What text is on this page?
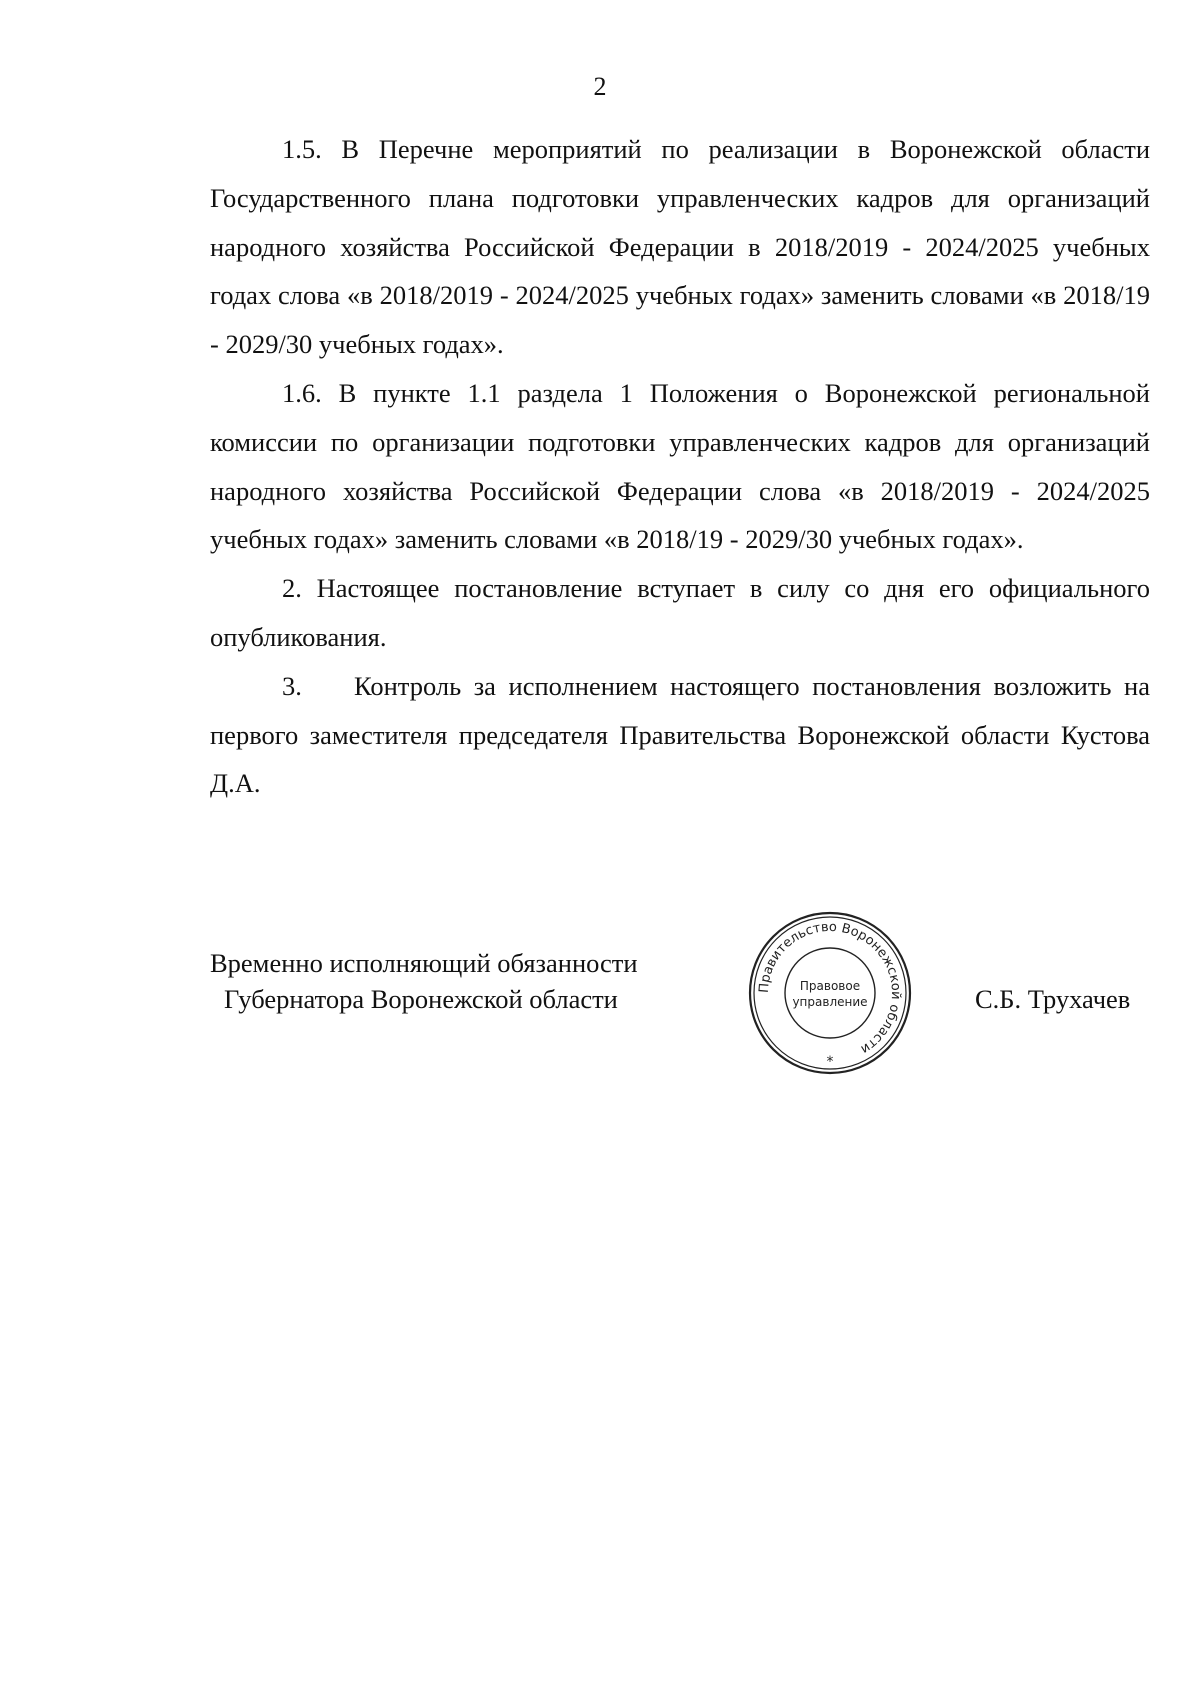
2

1.5. В Перечне мероприятий по реализации в Воронежской области Государственного плана подготовки управленческих кадров для организаций народного хозяйства Российской Федерации в 2018/2019 - 2024/2025 учебных годах слова «в 2018/2019 - 2024/2025 учебных годах» заменить словами «в 2018/19 - 2029/30 учебных годах».

1.6. В пункте 1.1 раздела 1 Положения о Воронежской региональной комиссии по организации подготовки управленческих кадров для организаций народного хозяйства Российской Федерации слова «в 2018/2019 - 2024/2025 учебных годах» заменить словами «в 2018/19 - 2029/30 учебных годах».

2. Настоящее постановление вступает в силу со дня его официального опубликования.

3. Контроль за исполнением настоящего постановления возложить на первого заместителя председателя Правительства Воронежской области Кустова Д.А.

Временно исполняющий обязанности
Губернатора Воронежской области	Правительство Воронежской области
Правовое
управление
*
С.Б. Трухачев
